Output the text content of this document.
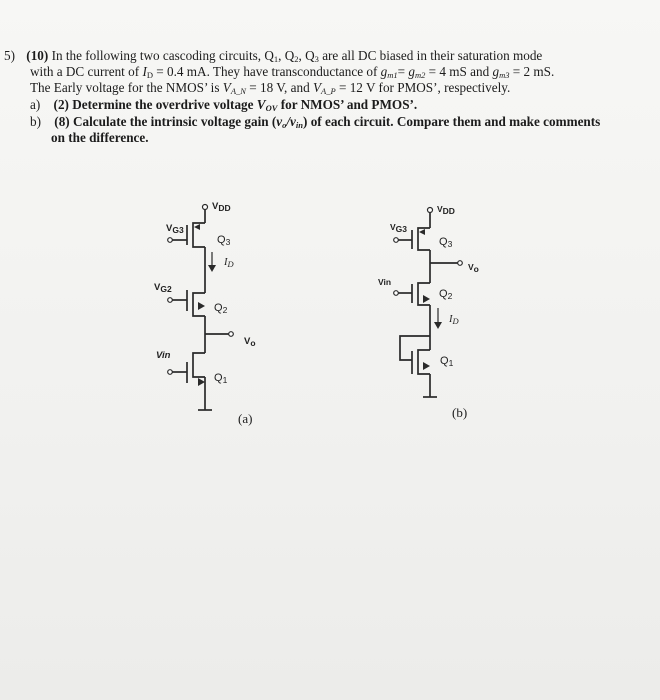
5) (10) In the following two cascoding circuits, $Q_1$, $Q_2$, $Q_3$ are all DC biased in their saturation mode
with a DC current of $I_D = 0.4$ mA. They have transconductance of $g_{m1}= g_{m2} = 4$ mS and $g_{m3} = 2$ mS.
The Early voltage for the NMOS’ is $V_{A\_N} = 18$ V, and $V_{A\_P} = 12$ V for PMOS’, respectively.
a) (2) Determine the overdrive voltage $V_{OV}$ for NMOS’ and PMOS’.
b) (8) Calculate the intrinsic voltage gain $(v_o/v_{in})$ of each circuit. Compare them and make comments
on the difference.
$V_{DD}$
$V_{G3}$
$Q_3$
$I_D$
$V_{G2}$
$Q_2$
$V_o$
Vin
$Q_1$
(a)
$V_{DD}$
$V_{G3}$
$Q_3$
$V_o$
Vin
$Q_2$
$I_D$
$Q_1$
(b)
